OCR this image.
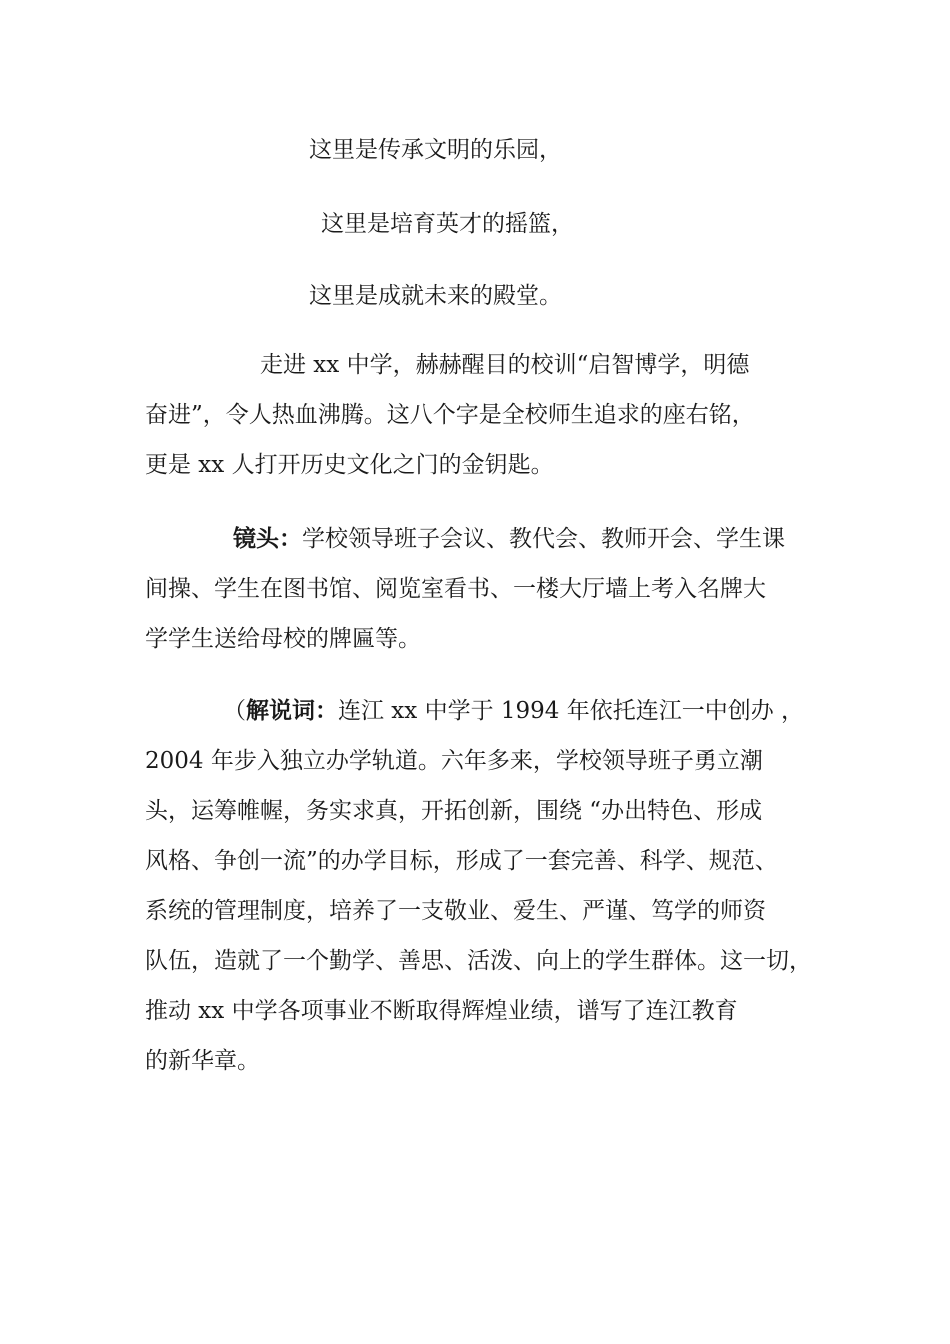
这里是传承文明的乐园，
这里是培育英才的摇篮，
这里是成就未来的殿堂。
走进 xx 中学，赫赫醒目的校训“启智博学，明德
奋进”，令人热血沸腾。这八个字是全校师生追求的座右铭，
更是 xx 人打开历史文化之门的金钥匙。
镜头：学校领导班子会议、教代会、教师开会、学生课
间操、学生在图书馆、阅览室看书、一楼大厅墙上考入名牌大
学学生送给母校的牌匾等。
（解说词：连江 xx 中学于 1994 年依托连江一中创办 ，
2004 年步入独立办学轨道。六年多来，学校领导班子勇立潮
头，运筹帷幄，务实求真，开拓创新，围绕 “办出特色、形成
风格、争创一流”的办学目标，形成了一套完善、科学、规范、
系统的管理制度，培养了一支敬业、爱生、严谨、笃学的师资
队伍，造就了一个勤学、善思、活泼、向上的学生群体。这一切，
推动 xx 中学各项事业不断取得辉煌业绩，谱写了连江教育
的新华章。
